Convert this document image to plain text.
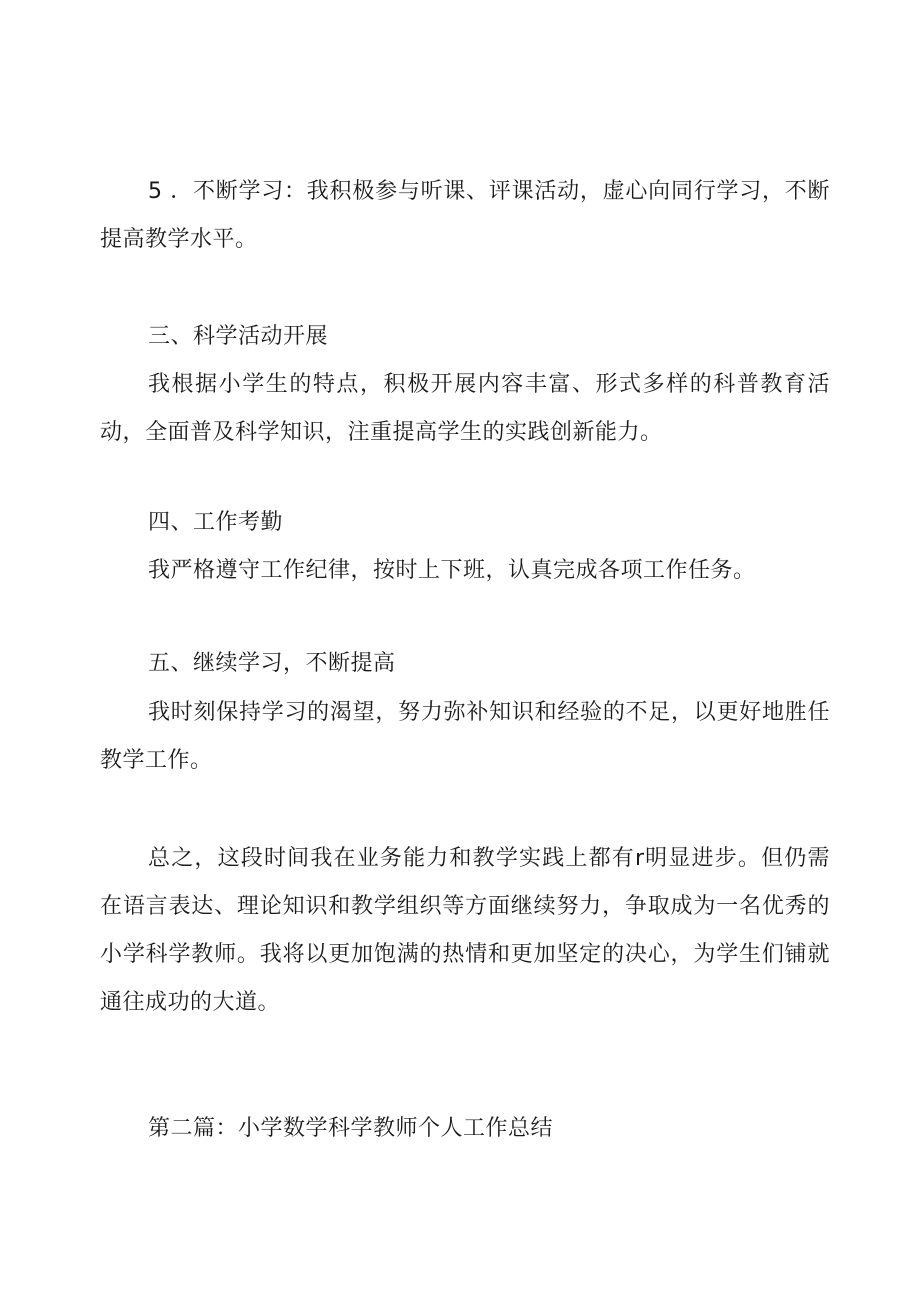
5 ．不断学习：我积极参与听课、评课活动，虚心向同行学习，不断提高教学水平。

三、科学活动开展

我根据小学生的特点，积极开展内容丰富、形式多样的科普教育活动，全面普及科学知识，注重提高学生的实践创新能力。

四、工作考勤

我严格遵守工作纪律，按时上下班，认真完成各项工作任务。

五、继续学习，不断提高

我时刻保持学习的渴望，努力弥补知识和经验的不足，以更好地胜任教学工作。

总之，这段时间我在业务能力和教学实践上都有r明显进步。但仍需在语言表达、理论知识和教学组织等方面继续努力，争取成为一名优秀的小学科学教师。我将以更加饱满的热情和更加坚定的决心，为学生们铺就通往成功的大道。

第二篇：小学数学科学教师个人工作总结
